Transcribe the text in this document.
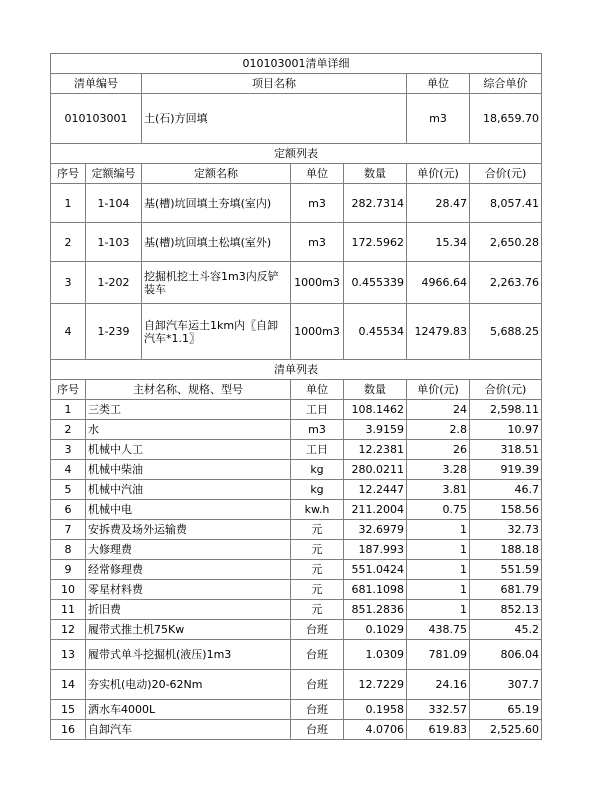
010103001清单详细						
清单编号		项目名称			单位	综合单价
010103001		土(石)方回填			m3	18,659.70
定额列表						
序号	定额编号	定额名称	单位	数量	单价(元)	合价(元)
1	1-104	基(槽)坑回填土夯填(室内)	m3	282.7314	28.47	8,057.41
2	1-103	基(槽)坑回填土松填(室外)	m3	172.5962	15.34	2,650.28
3	1-202	挖掘机挖土斗容1m3内反铲装车	1000m3	0.455339	4966.64	2,263.76
4	1-239	自卸汽车运土1km内〖自卸汽车*1.1〗	1000m3	0.45534	12479.83	5,688.25
清单列表						
序号	主材名称、规格、型号		单位	数量	单价(元)	合价(元)
1	三类工		工日	108.1462	24	2,598.11
2	水		m3	3.9159	2.8	10.97
3	机械中人工		工日	12.2381	26	318.51
4	机械中柴油		kg	280.0211	3.28	919.39
5	机械中汽油		kg	12.2447	3.81	46.7
6	机械中电		kw.h	211.2004	0.75	158.56
7	安拆费及场外运输费		元	32.6979	1	32.73
8	大修理费		元	187.993	1	188.18
9	经常修理费		元	551.0424	1	551.59
10	零星材料费		元	681.1098	1	681.79
11	折旧费		元	851.2836	1	852.13
12	履带式推土机75Kw		台班	0.1029	438.75	45.2
13	履带式单斗挖掘机(液压)1m3		台班	1.0309	781.09	806.04
14	夯实机(电动)20-62Nm		台班	12.7229	24.16	307.7
15	洒水车4000L		台班	0.1958	332.57	65.19
16	自卸汽车		台班	4.0706	619.83	2,525.60
